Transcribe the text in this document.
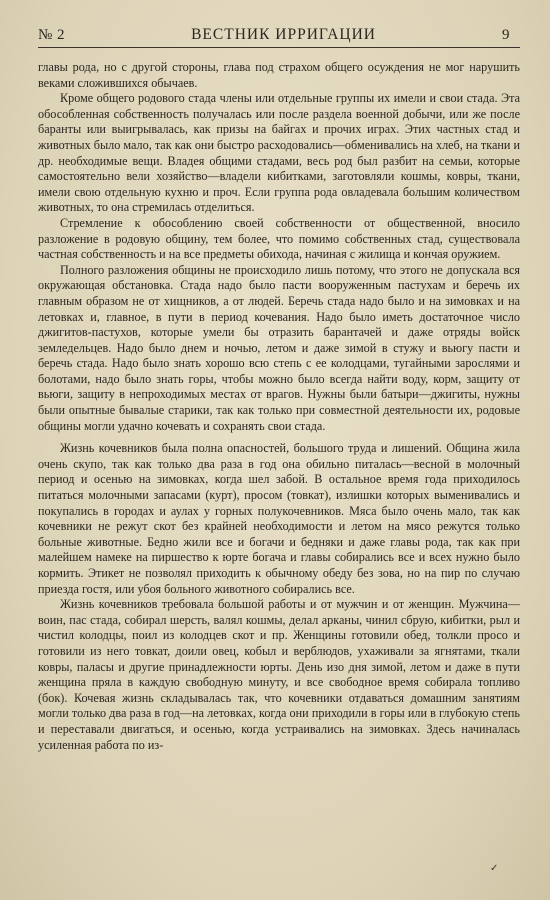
№ 2	ВЕСТНИК ИРРИГАЦИИ	9

главы рода, но с другой стороны, глава под страхом общего осуждения не мог нарушить веками сложившихся обычаев.

Кроме общего родового стада члены или отдельные группы их имели и свои стада. Эта обособленная собственность получалась или после раздела военной добычи, или же после баранты или выигрывалась, как призы на байгах и прочих играх. Этих частных стад и животных было мало, так как они быстро расходовались—обменивались на хлеб, на ткани и др. необходимые вещи. Владея общими стадами, весь род был разбит на семьи, которые самостоятельно вели хозяйство—владели кибитками, заготовляли кошмы, ковры, ткани, имели свою отдельную кухню и проч. Если группа рода овладевала большим количеством животных, то она стремилась отделиться.

Стремление к обособлению своей собственности от общественной, вносило разложение в родовую общину, тем более, что помимо собственных стад, существовала частная собственность и на все предметы обихода, начиная с жилища и кончая оружием.

Полного разложения общины не происходило лишь потому, что этого не допускала вся окружающая обстановка. Стада надо было пасти вооруженным пастухам и беречь их главным образом не от хищников, а от людей. Беречь стада надо было и на зимовках и на летовках и, главное, в пути в период кочевания. Надо было иметь достаточное число джигитов-пастухов, которые умели бы отразить барантачей и даже отряды войск земледельцев. Надо было днем и ночью, летом и даже зимой в стужу и вьюгу пасти и беречь стада. Надо было знать хорошо всю степь с ее колодцами, тугайными зарослями и болотами, надо было знать горы, чтобы можно было всегда найти воду, корм, защиту от вьюги, защиту в непроходимых местах от врагов. Нужны были батыри—джигиты, нужны были опытные бывалые старики, так как только при совместной деятельности их, родовые общины могли удачно кочевать и сохранять свои стада.

Жизнь кочевников была полна опасностей, большого труда и лишений. Община жила очень скупо, так как только два раза в год она обильно питалась—весной в молочный период и осенью на зимовках, когда шел забой. В остальное время года приходилось питаться молочными запасами (курт), просом (товкат), излишки которых выменивались и покупались в городах и аулах у горных полукочевников. Мяса было очень мало, так как кочевники не режут скот без крайней необходимости и летом на мясо режутся только больные животные. Бедно жили все и богачи и бедняки и даже главы рода, так как при малейшем намеке на пиршество к юрте богача и главы собирались все и всех нужно было кормить. Этикет не позволял приходить к обычному обеду без зова, но на пир по случаю приезда гостя, или убоя больного животного собирались все.

Жизнь кочевников требовала большой работы и от мужчин и от женщин. Мужчина—воин, пас стада, собирал шерсть, валял кошмы, делал арканы, чинил сбрую, кибитки, рыл и чистил колодцы, поил из колодцев скот и пр. Женщины готовили обед, толкли просо и готовили из него товкат, доили овец, кобыл и верблюдов, ухаживали за ягнятами, ткали ковры, паласы и другие принадлежности юрты. День изо дня зимой, летом и даже в пути женщина пряла в каждую свободную минуту, и все свободное время собирала топливо (бок). Кочевая жизнь складывалась так, что кочевники отдаваться домашним занятиям могли только два раза в год—на летовках, когда они приходили в горы или в глубокую степь и переставали двигаться, и осенью, когда устраивались на зимовках. Здесь начиналась усиленная работа по из-

✓
